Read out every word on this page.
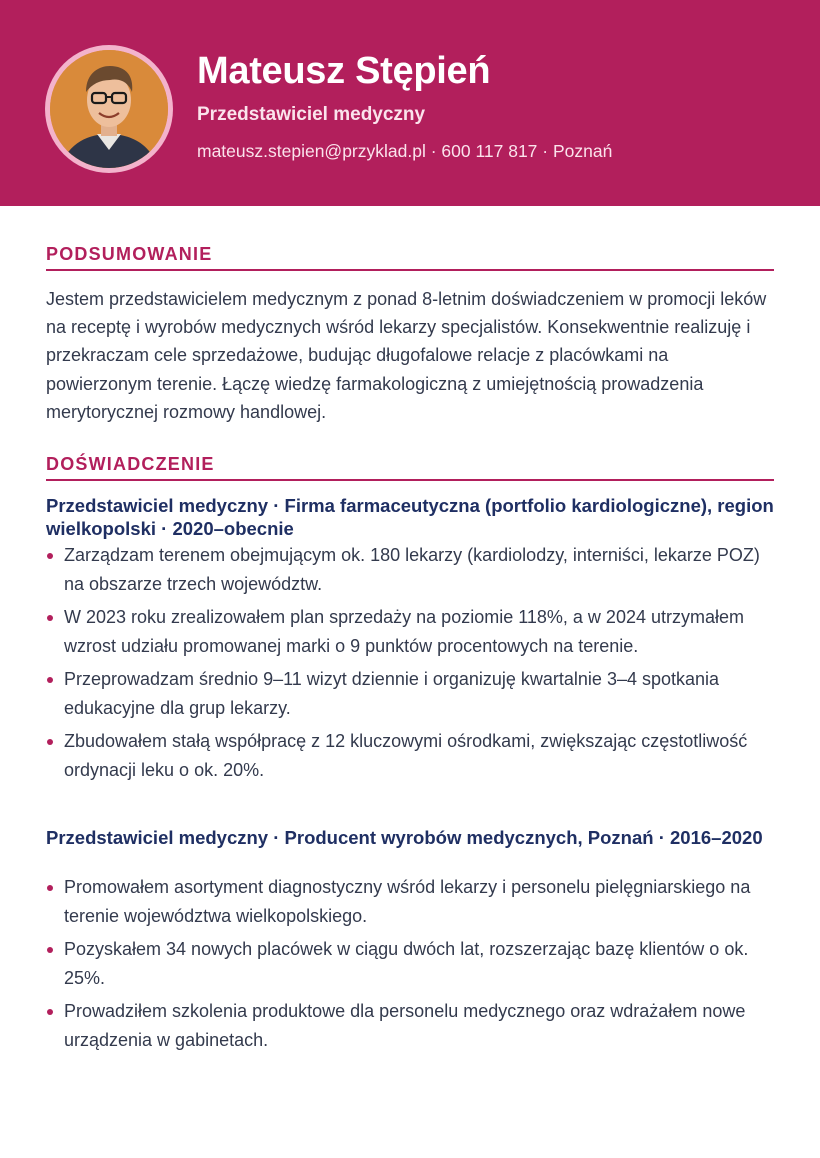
Mateusz Stępień
Przedstawiciel medyczny
mateusz.stepien@przyklad.pl · 600 117 817 · Poznań
PODSUMOWANIE
Jestem przedstawicielem medycznym z ponad 8-letnim doświadczeniem w promocji leków na receptę i wyrobów medycznych wśród lekarzy specjalistów. Konsekwentnie realizuję i przekraczam cele sprzedażowe, budując długofalowe relacje z placówkami na powierzonym terenie. Łączę wiedzę farmakologiczną z umiejętnością prowadzenia merytorycznej rozmowy handlowej.
DOŚWIADCZENIE
Przedstawiciel medyczny · Firma farmaceutyczna (portfolio kardiologiczne), region wielkopolski · 2020–obecnie
Zarządzam terenem obejmującym ok. 180 lekarzy (kardiolodzy, interniści, lekarze POZ) na obszarze trzech województw.
W 2023 roku zrealizowałem plan sprzedaży na poziomie 118%, a w 2024 utrzymałem wzrost udziału promowanej marki o 9 punktów procentowych na terenie.
Przeprowadzam średnio 9–11 wizyt dziennie i organizuję kwartalnie 3–4 spotkania edukacyjne dla grup lekarzy.
Zbudowałem stałą współpracę z 12 kluczowymi ośrodkami, zwiększając częstotliwość ordynacji leku o ok. 20%.
Przedstawiciel medyczny · Producent wyrobów medycznych, Poznań · 2016–2020
Promowałem asortyment diagnostyczny wśród lekarzy i personelu pielęgniarskiego na terenie województwa wielkopolskiego.
Pozyskałem 34 nowych placówek w ciągu dwóch lat, rozszerzając bazę klientów o ok. 25%.
Prowadziłem szkolenia produktowe dla personelu medycznego oraz wdrażałem nowe urządzenia w gabinetach.
